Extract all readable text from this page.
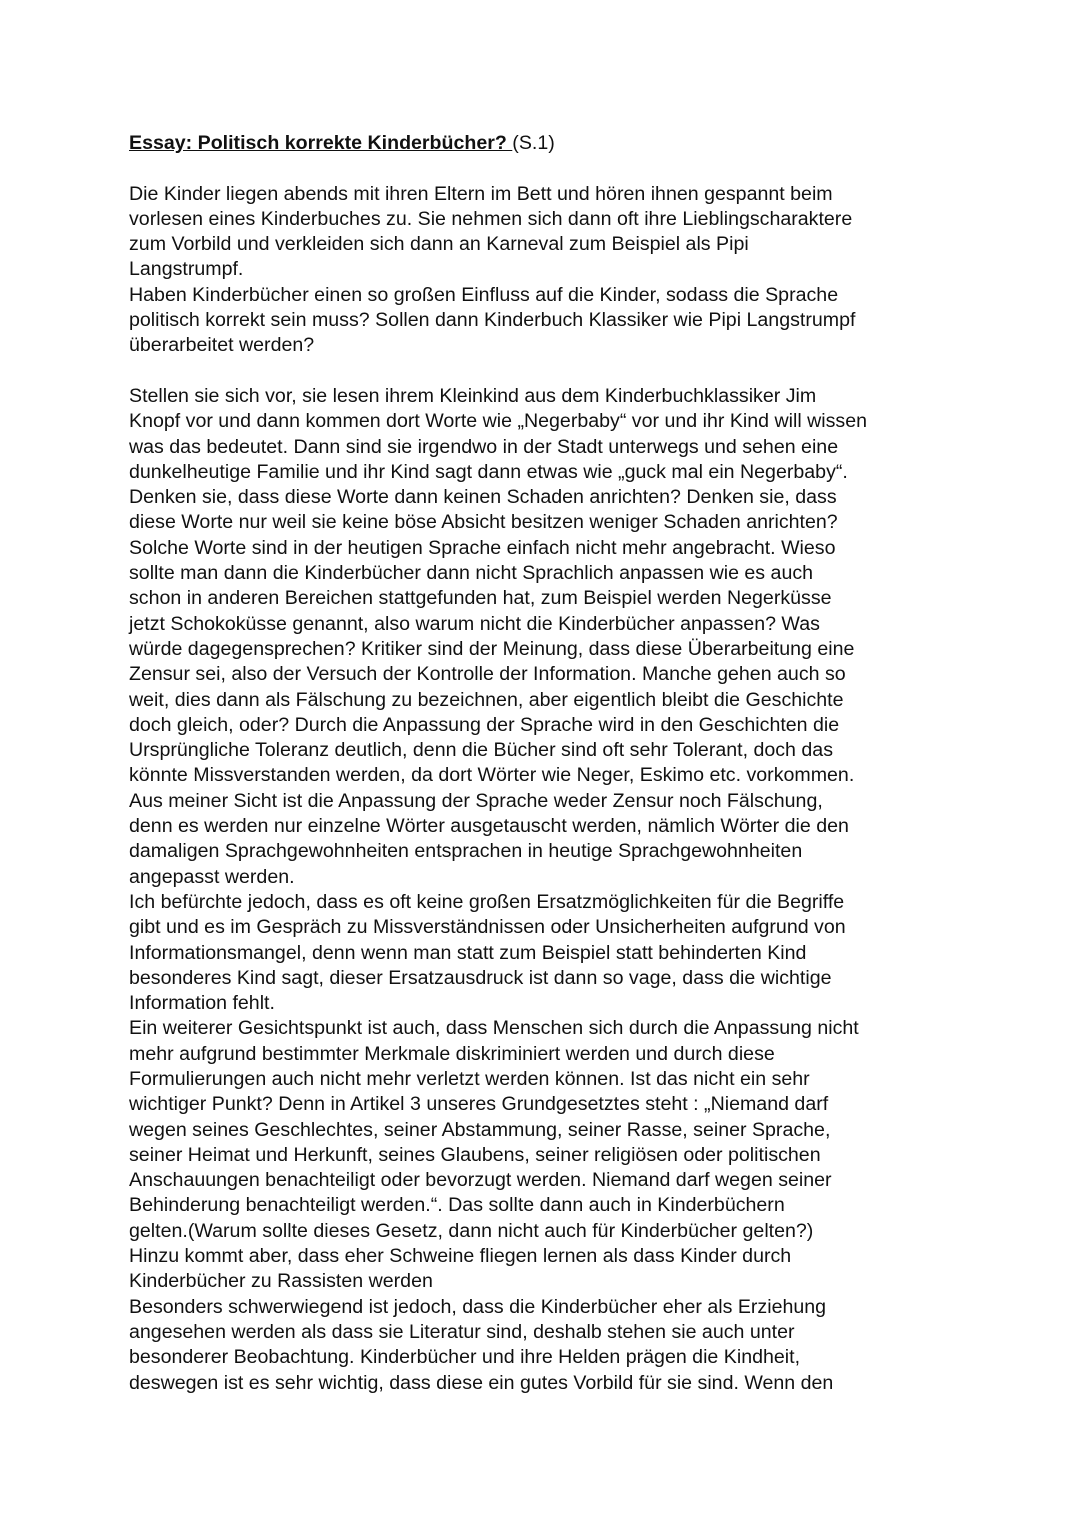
Essay: Politisch korrekte Kinderbücher? (S.1)
Die Kinder liegen abends mit ihren Eltern im Bett und hören ihnen gespannt beim
vorlesen eines Kinderbuches zu. Sie nehmen sich dann oft ihre Lieblingscharaktere
zum Vorbild und verkleiden sich dann an Karneval zum Beispiel als Pipi
Langstrumpf.
Haben Kinderbücher einen so großen Einfluss auf die Kinder, sodass die Sprache
politisch korrekt sein muss? Sollen dann Kinderbuch Klassiker wie Pipi Langstrumpf
überarbeitet werden?
Stellen sie sich vor, sie lesen ihrem Kleinkind aus dem Kinderbuchklassiker Jim
Knopf vor und dann kommen dort Worte wie „Negerbaby“ vor und ihr Kind will wissen
was das bedeutet. Dann sind sie irgendwo in der Stadt unterwegs und sehen eine
dunkelheutige Familie und ihr Kind sagt dann etwas wie „guck mal ein Negerbaby“.
Denken sie, dass diese Worte dann keinen Schaden anrichten? Denken sie, dass
diese Worte nur weil sie keine böse Absicht besitzen weniger Schaden anrichten?
Solche Worte sind in der heutigen Sprache einfach nicht mehr angebracht. Wieso
sollte man dann die Kinderbücher dann nicht Sprachlich anpassen wie es auch
schon in anderen Bereichen stattgefunden hat, zum Beispiel werden Negerküsse
jetzt Schokoküsse genannt, also warum nicht die Kinderbücher anpassen? Was
würde dagegensprechen? Kritiker sind der Meinung, dass diese Überarbeitung eine
Zensur sei, also der Versuch der Kontrolle der Information. Manche gehen auch so
weit, dies dann als Fälschung zu bezeichnen, aber eigentlich bleibt die Geschichte
doch gleich, oder? Durch die Anpassung der Sprache wird in den Geschichten die
Ursprüngliche Toleranz deutlich, denn die Bücher sind oft sehr Tolerant, doch das
könnte Missverstanden werden, da dort Wörter wie Neger, Eskimo etc. vorkommen.
Aus meiner Sicht ist die Anpassung der Sprache weder Zensur noch Fälschung,
denn es werden nur einzelne Wörter ausgetauscht werden, nämlich Wörter die den
damaligen Sprachgewohnheiten entsprachen in heutige Sprachgewohnheiten
angepasst werden.
Ich befürchte jedoch, dass es oft keine großen Ersatzmöglichkeiten für die Begriffe
gibt und es im Gespräch zu Missverständnissen oder Unsicherheiten aufgrund von
Informationsmangel, denn wenn man statt zum Beispiel statt behinderten Kind
besonderes Kind sagt, dieser Ersatzausdruck ist dann so vage, dass die wichtige
Information fehlt.
Ein weiterer Gesichtspunkt ist auch, dass Menschen sich durch die Anpassung nicht
mehr aufgrund bestimmter Merkmale diskriminiert werden und durch diese
Formulierungen auch nicht mehr verletzt werden können. Ist das nicht ein sehr
wichtiger Punkt? Denn in Artikel 3 unseres Grundgesetztes steht : „Niemand darf
wegen seines Geschlechtes, seiner Abstammung, seiner Rasse, seiner Sprache,
seiner Heimat und Herkunft, seines Glaubens, seiner religiösen oder politischen
Anschauungen benachteiligt oder bevorzugt werden. Niemand darf wegen seiner
Behinderung benachteiligt werden.“. Das sollte dann auch in Kinderbüchern
gelten.(Warum sollte dieses Gesetz, dann nicht auch für Kinderbücher gelten?)
Hinzu kommt aber, dass eher Schweine fliegen lernen als dass Kinder durch
Kinderbücher zu Rassisten werden
Besonders schwerwiegend ist jedoch, dass die Kinderbücher eher als Erziehung
angesehen werden als dass sie Literatur sind, deshalb stehen sie auch unter
besonderer Beobachtung. Kinderbücher und ihre Helden prägen die Kindheit,
deswegen ist es sehr wichtig, dass diese ein gutes Vorbild für sie sind. Wenn den
